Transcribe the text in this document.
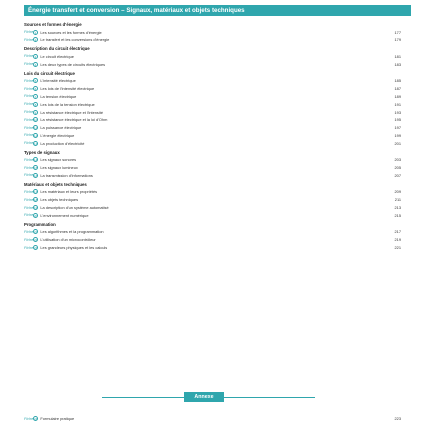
Énergie transfert et conversion – Signaux, matériaux et objets techniques
Sources et formes d'énergie
Fiche 1	Les sources et les formes d'énergie	177
Fiche 2	Le transfert et les conversions d'énergie	179
Description du circuit électrique
Fiche 3	Le circuit électrique	181
Fiche 4	Les deux types de circuits électriques	183
Lois du circuit électrique
Fiche 5	L'intensité électrique	185
Fiche 6	Les lois de l'intensité électrique	187
Fiche 7	La tension électrique	189
Fiche 8	Les lois de la tension électrique	191
Fiche 9	La résistance électrique et l'intensité	193
Fiche 10 La résistance électrique et la loi d'Ohm	195
Fiche 11 La puissance électrique	197
Fiche 12 L'énergie électrique	199
Fiche 13 La production d'électricité	201
Types de signaux
Fiche 14 Les signaux sonores	203
Fiche 15 Les signaux lumineux	205
Fiche 16 La transmission d'informations	207
Matériaux et objets techniques
Fiche 17 Les matériaux et leurs propriétés	209
Fiche 18 Les objets techniques	211
Fiche 19 La description d'un système automatisé	213
Fiche 20 L'environnement numérique	215
Programmation
Fiche 21 Les algorithmes et la programmation	217
Fiche 22 L'utilisation d'un microcontrôleur	219
Fiche 23 Les grandeurs physiques et les calculs	221
Annexe
Fiche 24 Formulaire pratique	223
